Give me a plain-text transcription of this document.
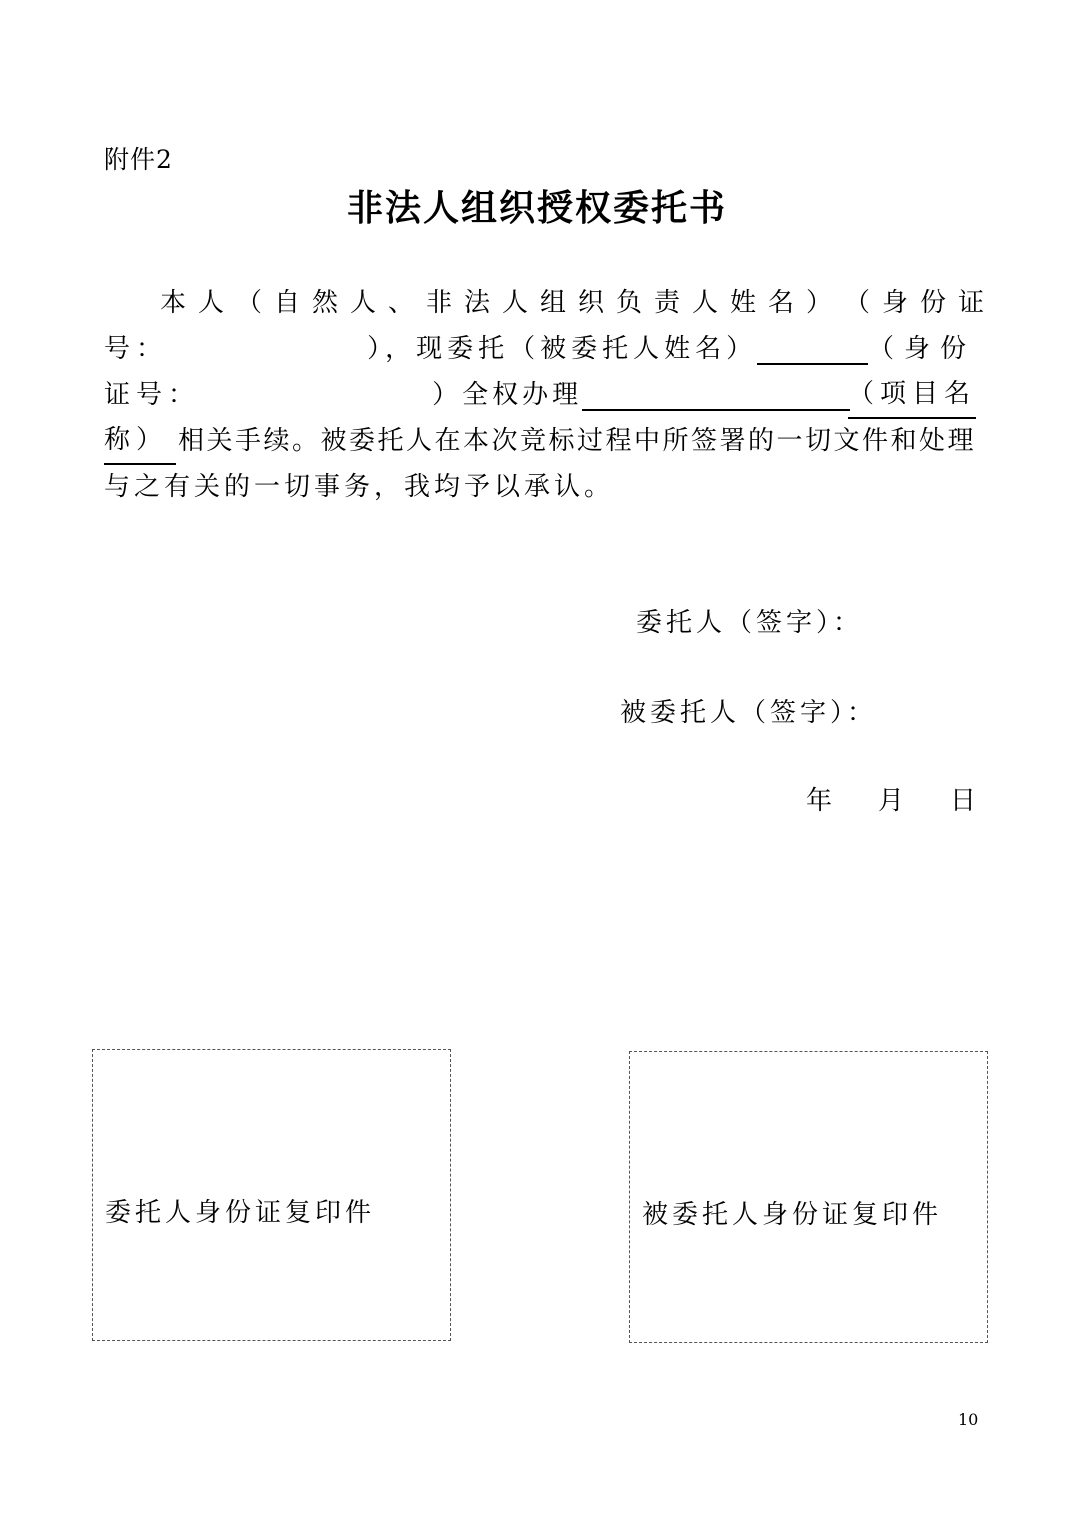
附件2
非法人组织授权委托书
本人（自然人、非法人组织负责人姓名） （身份证
号：	），现委托（被委托人姓名）	（身份
证号：	）全权办理	（项目名
称） 相关手续。被委托人在本次竞标过程中所签署的一切文件和处理
与之有关的一切事务，我均予以承认。
委托人（签字）：
被委托人（签字）：
年 月 日
委托人身份证复印件	被委托人身份证复印件
10
